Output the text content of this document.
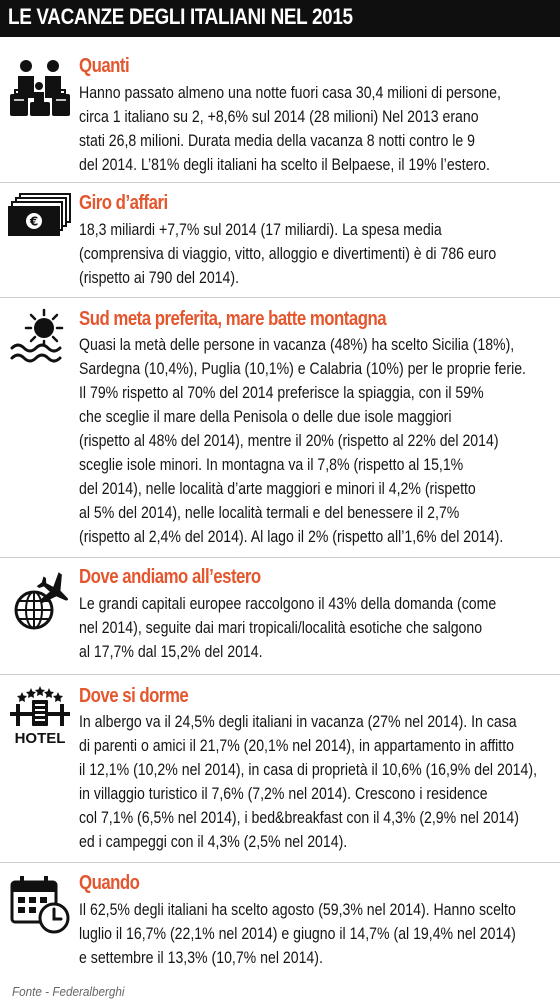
LE VACANZE DEGLI ITALIANI NEL 2015
Quanti
Hanno passato almeno una notte fuori casa 30,4 milioni di persone,
circa 1 italiano su 2, +8,6% sul 2014 (28 milioni) Nel 2013 erano
stati 26,8 milioni. Durata media della vacanza 8 notti contro le 9
del 2014. L’81% degli italiani ha scelto il Belpaese, il 19% l’estero.
€
Giro d’affari
18,3 miliardi +7,7% sul 2014 (17 miliardi). La spesa media
(comprensiva di viaggio, vitto, alloggio e divertimenti) è di 786 euro
(rispetto ai 790 del 2014).
Sud meta preferita, mare batte montagna
Quasi la metà delle persone in vacanza (48%) ha scelto Sicilia (18%),
Sardegna (10,4%), Puglia (10,1%) e Calabria (10%) per le proprie ferie.
Il 79% rispetto al 70% del 2014 preferisce la spiaggia, con il 59%
che sceglie il mare della Penisola o delle due isole maggiori
(rispetto al 48% del 2014), mentre il 20% (rispetto al 22% del 2014)
sceglie isole minori. In montagna va il 7,8% (rispetto al 15,1%
del 2014), nelle località d’arte maggiori e minori il 4,2% (rispetto
al 5% del 2014), nelle località termali e del benessere il 2,7%
(rispetto al 2,4% del 2014). Al lago il 2% (rispetto all’1,6% del 2014).
Dove andiamo all’estero
Le grandi capitali europee raccolgono il 43% della domanda (come
nel 2014), seguite dai mari tropicali/località esotiche che salgono
al 17,7% dal 15,2% del 2014.
HOTEL
Dove si dorme
In albergo va il 24,5% degli italiani in vacanza (27% nel 2014). In casa
di parenti o amici il 21,7% (20,1% nel 2014), in appartamento in affitto
il 12,1% (10,2% nel 2014), in casa di proprietà il 10,6% (16,9% del 2014),
in villaggio turistico il 7,6% (7,2% nel 2014). Crescono i residence
col 7,1% (6,5% nel 2014), i bed&breakfast con il 4,3% (2,9% nel 2014)
ed i campeggi con il 4,3% (2,5% nel 2014).
Quando
Il 62,5% degli italiani ha scelto agosto (59,3% nel 2014). Hanno scelto
luglio il 16,7% (22,1% nel 2014) e giugno il 14,7% (al 19,4% nel 2014)
e settembre il 13,3% (10,7% nel 2014).
Fonte - Federalberghi
